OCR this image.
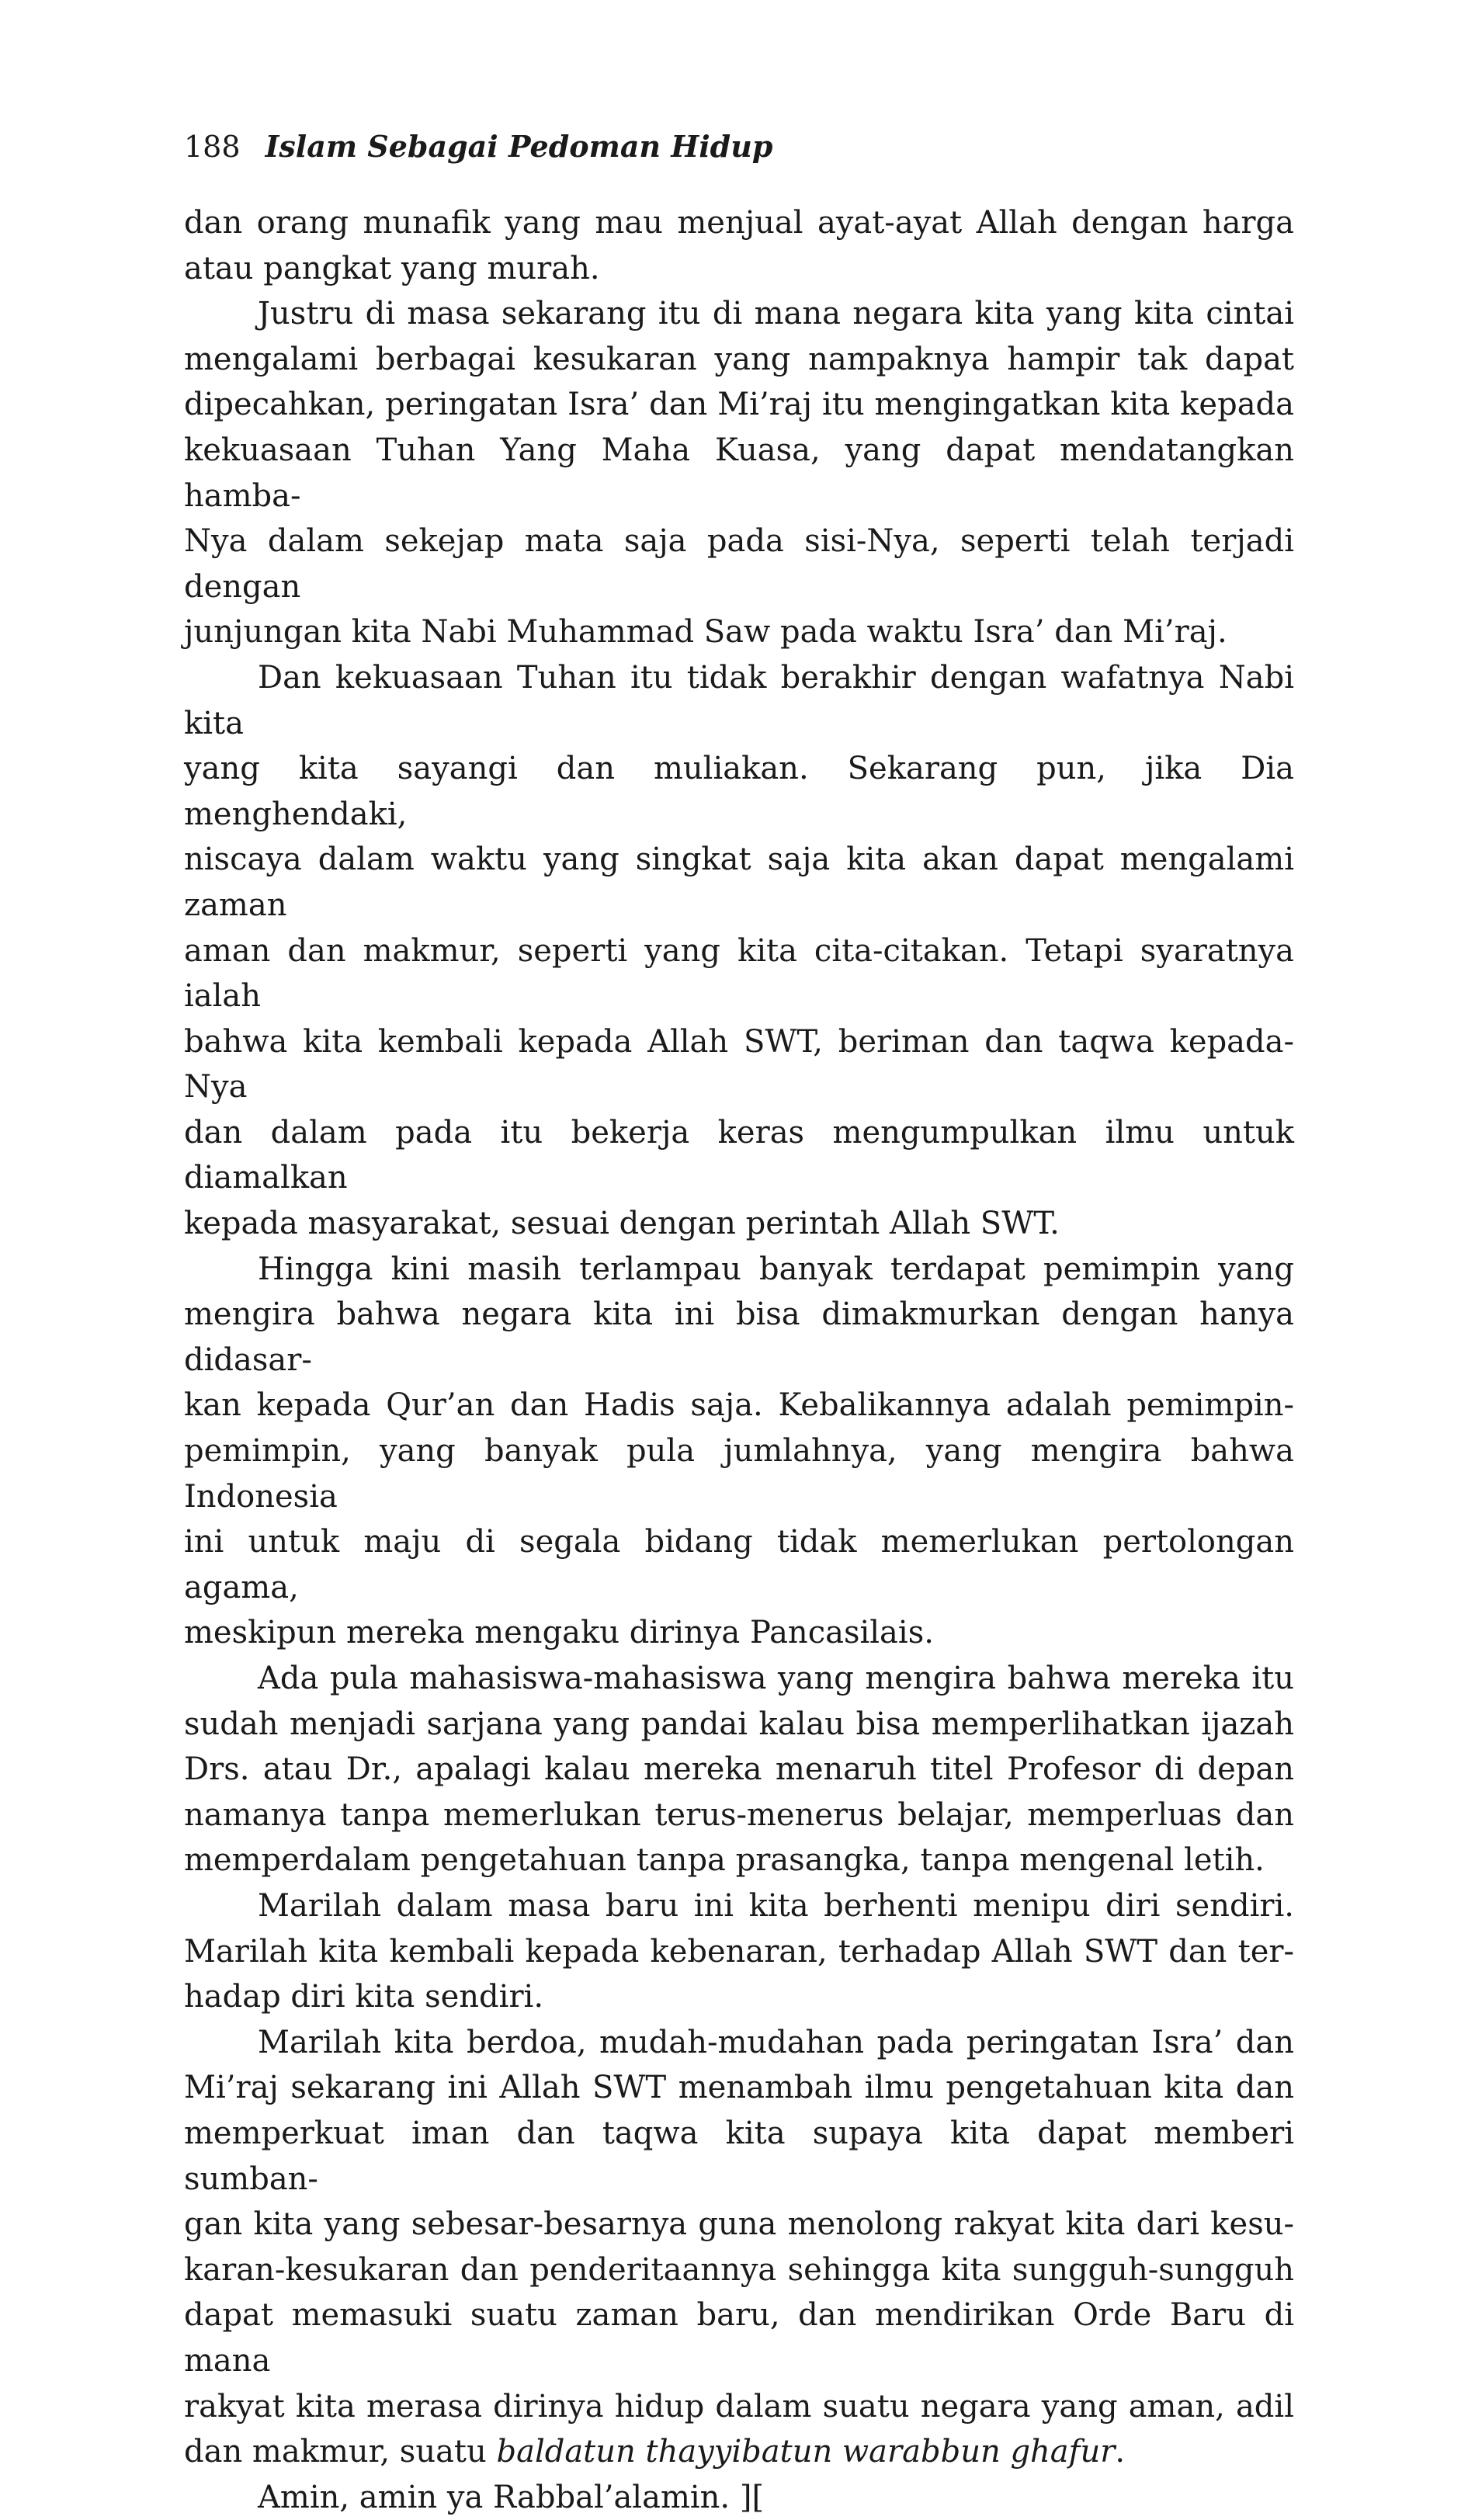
188 Islam Sebagai Pedoman Hidup

dan orang munafik yang mau menjual ayat-ayat Allah dengan harga
atau pangkat yang murah.

Justru di masa sekarang itu di mana negara kita yang kita cintai
mengalami berbagai kesukaran yang nampaknya hampir tak dapat
dipecahkan, peringatan Isra’ dan Mi’raj itu mengingatkan kita kepada
kekuasaan Tuhan Yang Maha Kuasa, yang dapat mendatangkan hamba-
Nya dalam sekejap mata saja pada sisi-Nya, seperti telah terjadi dengan
junjungan kita Nabi Muhammad Saw pada waktu Isra’ dan Mi’raj.

Dan kekuasaan Tuhan itu tidak berakhir dengan wafatnya Nabi kita
yang kita sayangi dan muliakan. Sekarang pun, jika Dia menghendaki,
niscaya dalam waktu yang singkat saja kita akan dapat mengalami zaman
aman dan makmur, seperti yang kita cita-citakan. Tetapi syaratnya ialah
bahwa kita kembali kepada Allah SWT, beriman dan taqwa kepada-Nya
dan dalam pada itu bekerja keras mengumpulkan ilmu untuk diamalkan
kepada masyarakat, sesuai dengan perintah Allah SWT.

Hingga kini masih terlampau banyak terdapat pemimpin yang
mengira bahwa negara kita ini bisa dimakmurkan dengan hanya didasar-
kan kepada Qur’an dan Hadis saja. Kebalikannya adalah pemimpin-
pemimpin, yang banyak pula jumlahnya, yang mengira bahwa Indonesia
ini untuk maju di segala bidang tidak memerlukan pertolongan agama,
meskipun mereka mengaku dirinya Pancasilais.

Ada pula mahasiswa-mahasiswa yang mengira bahwa mereka itu
sudah menjadi sarjana yang pandai kalau bisa memperlihatkan ijazah
Drs. atau Dr., apalagi kalau mereka menaruh titel Profesor di depan
namanya tanpa memerlukan terus-menerus belajar, memperluas dan
memperdalam pengetahuan tanpa prasangka, tanpa mengenal letih.

Marilah dalam masa baru ini kita berhenti menipu diri sendiri.
Marilah kita kembali kepada kebenaran, terhadap Allah SWT dan ter-
hadap diri kita sendiri.

Marilah kita berdoa, mudah-mudahan pada peringatan Isra’ dan
Mi’raj sekarang ini Allah SWT menambah ilmu pengetahuan kita dan
memperkuat iman dan taqwa kita supaya kita dapat memberi sumban-
gan kita yang sebesar-besarnya guna menolong rakyat kita dari kesu-
karan-kesukaran dan penderitaannya sehingga kita sungguh-sungguh
dapat memasuki suatu zaman baru, dan mendirikan Orde Baru di mana
rakyat kita merasa dirinya hidup dalam suatu negara yang aman, adil
dan makmur, suatu baldatun thayyibatun warabbun ghafur.

Amin, amin ya Rabbal’alamin. ][
